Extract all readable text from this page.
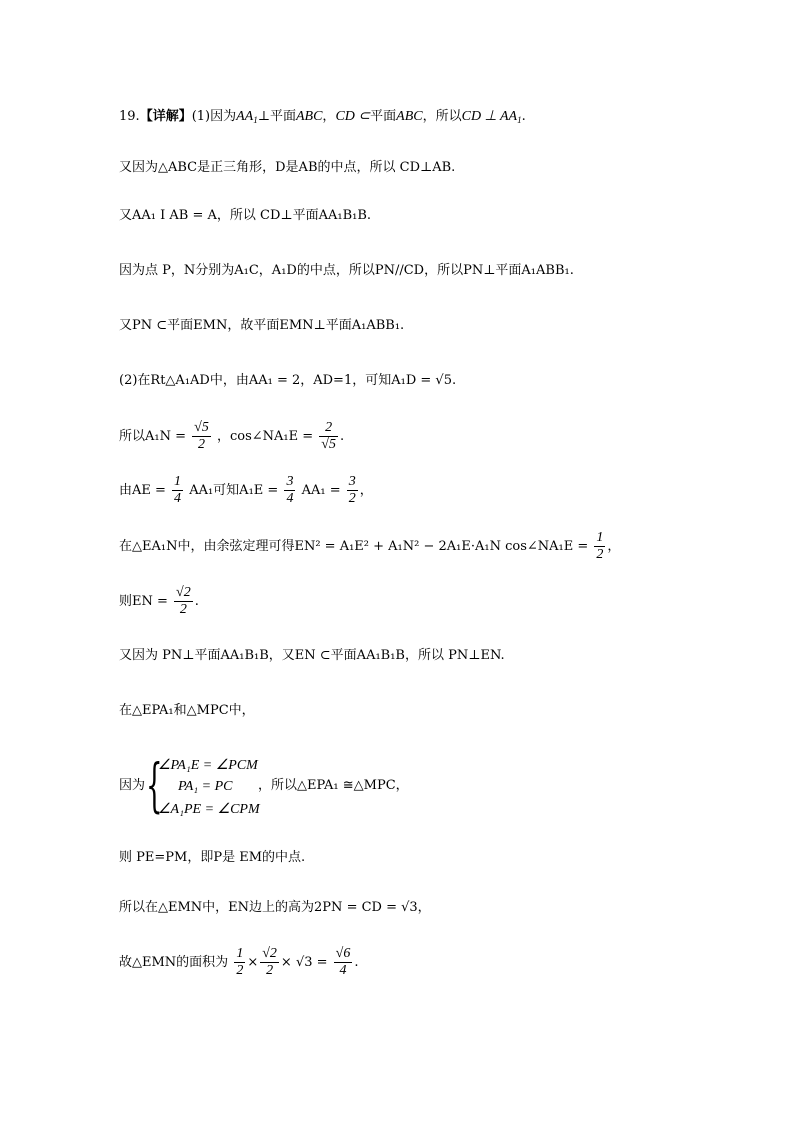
19.【详解】(1)因为$AA_1\perp$平面ABC，CD ⊂平面ABC，所以CD ⊥ $AA_1$.
又因为△ABC是正三角形，D是AB的中点，所以 CD⊥AB.
又AA₁ I AB = A，所以 CD⊥平面AA₁B₁B.
因为点 P，N分别为A₁C，A₁D的中点，所以PN//CD，所以PN⊥平面A₁ABB₁.
又PN ⊂平面EMN，故平面EMN⊥平面A₁ABB₁.
(2)在Rt△A₁AD中，由AA₁ = 2，AD=1，可知A₁D = √5.
所以$A_1N = \frac{√5}{2}$ ，cos∠NA₁E = $\frac{2}{√5}$ .
由AE = $\frac{1}{4} AA_1$可知$A_1E = \frac{3}{4} AA_1 = \frac{3}{2}$ ，
在△EA₁N中，由余弦定理可得EN² = A₁E² + A₁N² − 2A₁E·A₁N cos∠NA₁E = $\frac{1}{2}$ ，
则EN = $\frac{√2}{2}$ .
又因为 PN⊥平面AA₁B₁B，又EN ⊂平面AA₁B₁B，所以 PN⊥EN.
在△EPA₁和△MPC中，
因为 {
∠PA₁E = ∠PCM
PA₁ = PC
∠A₁PE = ∠CPM
，所以△EPA₁ ≅△MPC，
则 PE=PM，即P是 EM的中点.
所以在△EMN中，EN边上的高为2PN = CD = √3，
故△EMN的面积为 $\frac{1}{2} \times \frac{√2}{2} \times √3 = \frac{√6}{4}$ .
